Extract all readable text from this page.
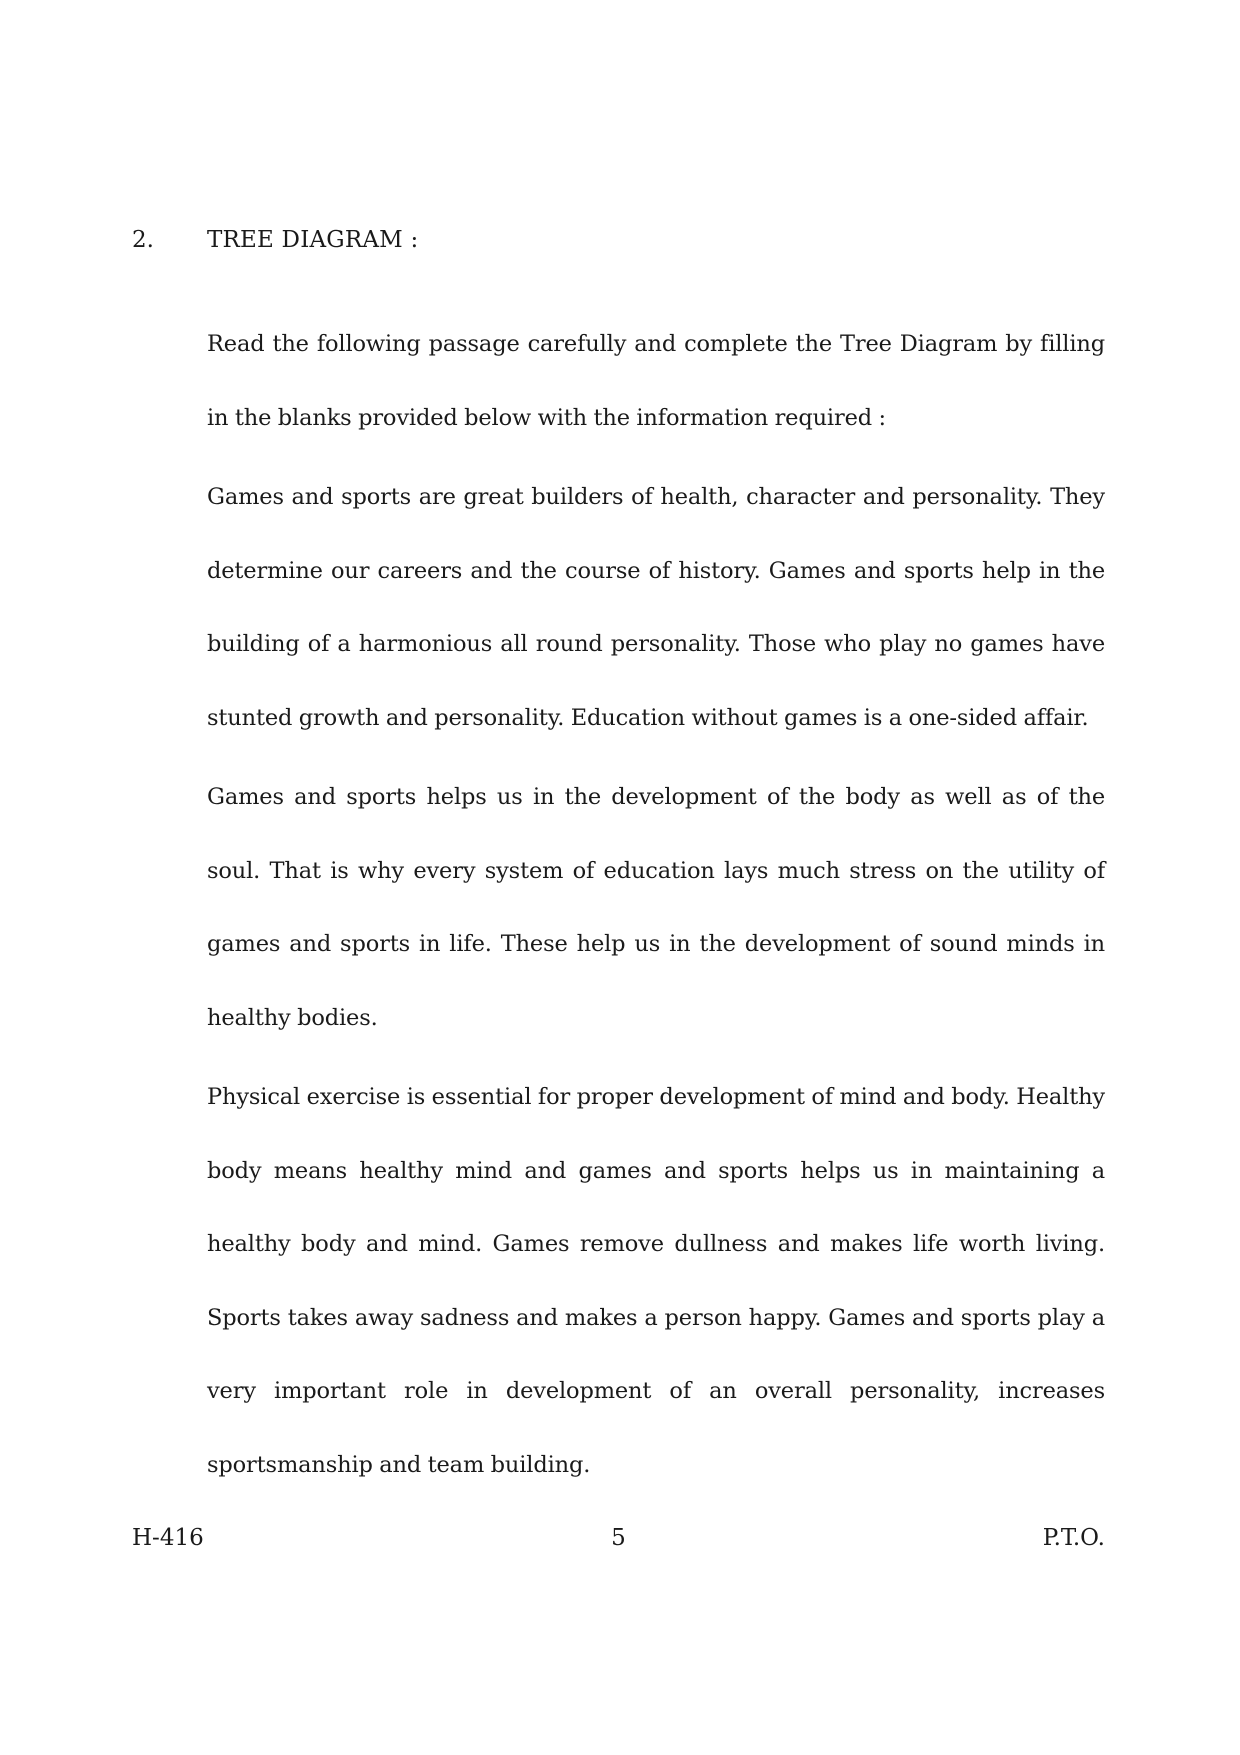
2. TREE DIAGRAM :

Read the following passage carefully and complete the Tree Diagram by filling in the blanks provided below with the information required :

Games and sports are great builders of health, character and personality. They determine our careers and the course of history. Games and sports help in the building of a harmonious all round personality. Those who play no games have stunted growth and personality. Education without games is a one-sided affair.

Games and sports helps us in the development of the body as well as of the soul. That is why every system of education lays much stress on the utility of games and sports in life. These help us in the development of sound minds in healthy bodies.

Physical exercise is essential for proper development of mind and body. Healthy body means healthy mind and games and sports helps us in maintaining a healthy body and mind. Games remove dullness and makes life worth living. Sports takes away sadness and makes a person happy. Games and sports play a very important role in development of an overall personality, increases sportsmanship and team building.

H-416	5	P.T.O.
